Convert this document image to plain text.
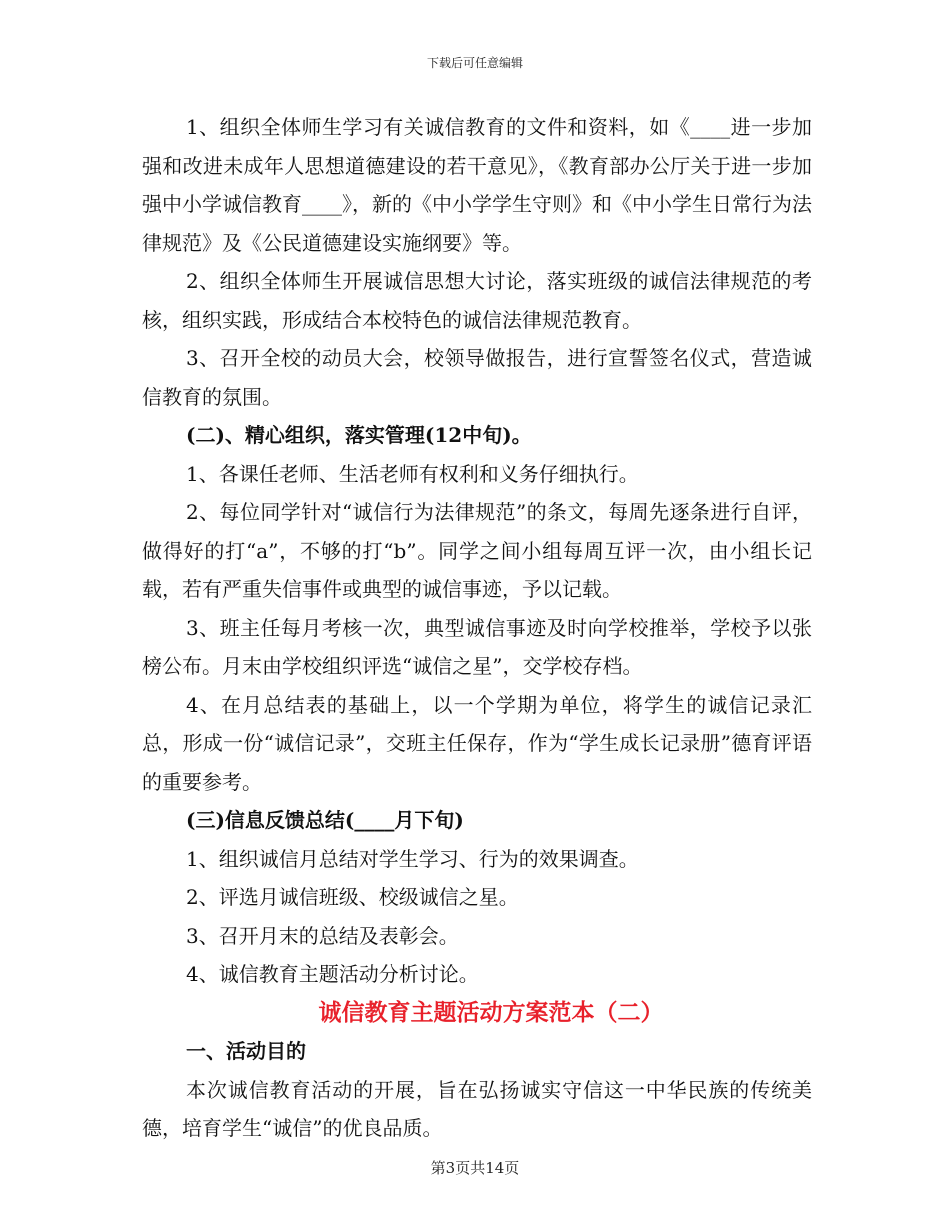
下载后可任意编辑

1、组织全体师生学习有关诚信教育的文件和资料，如《____进一步加强和改进未成年人思想道德建设的若干意见》，《教育部办公厅关于进一步加强中小学诚信教育____》，新的《中小学学生守则》和《中小学生日常行为法律规范》及《公民道德建设实施纲要》等。

2、组织全体师生开展诚信思想大讨论，落实班级的诚信法律规范的考核，组织实践，形成结合本校特色的诚信法律规范教育。

3、召开全校的动员大会，校领导做报告，进行宣誓签名仪式，营造诚信教育的氛围。

(二)、精心组织，落实管理(12中旬)。

1、各课任老师、生活老师有权利和义务仔细执行。

2、每位同学针对“诚信行为法律规范”的条文，每周先逐条进行自评，做得好的打“a”，不够的打“b”。同学之间小组每周互评一次，由小组长记载，若有严重失信事件或典型的诚信事迹，予以记载。

3、班主任每月考核一次，典型诚信事迹及时向学校推举，学校予以张榜公布。月末由学校组织评选“诚信之星”，交学校存档。

4、在月总结表的基础上，以一个学期为单位，将学生的诚信记录汇总，形成一份“诚信记录”，交班主任保存，作为“学生成长记录册”德育评语的重要参考。

(三)信息反馈总结(____月下旬)

1、组织诚信月总结对学生学习、行为的效果调查。

2、评选月诚信班级、校级诚信之星。

3、召开月末的总结及表彰会。

4、诚信教育主题活动分析讨论。

诚信教育主题活动方案范本（二）

一、活动目的

本次诚信教育活动的开展，旨在弘扬诚实守信这一中华民族的传统美德，培育学生“诚信”的优良品质。

第3页共14页
